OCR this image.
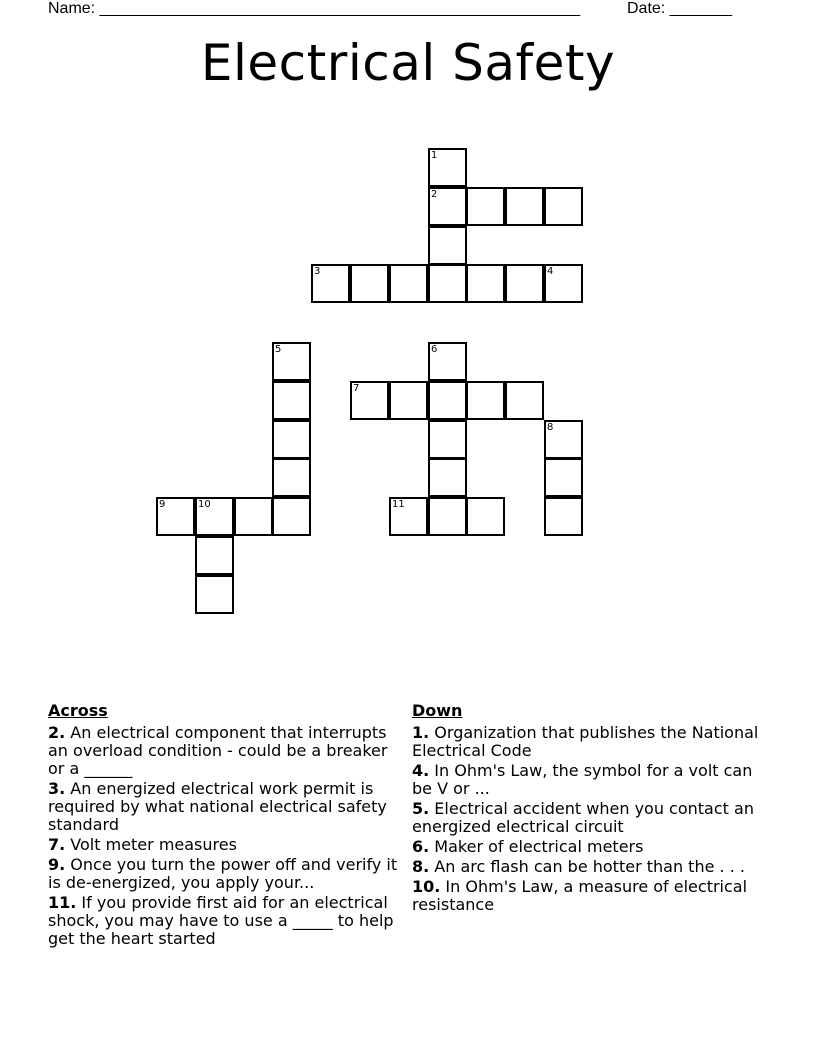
Name: ______________________________________________________	Date: _______
Electrical Safety
1
2
3	4
5	6
7
8
9	10	11
Across
2. An electrical component that interrupts an overload condition - could be a breaker or a ______
3. An energized electrical work permit is required by what national electrical safety standard
7. Volt meter measures
9. Once you turn the power off and verify it is de-energized, you apply your...
11. If you provide first aid for an electrical shock, you may have to use a _____ to help get the heart started
Down
1. Organization that publishes the National Electrical Code
4. In Ohm's Law, the symbol for a volt can be V or ...
5. Electrical accident when you contact an energized electrical circuit
6. Maker of electrical meters
8. An arc flash can be hotter than the . . .
10. In Ohm's Law, a measure of electrical resistance
